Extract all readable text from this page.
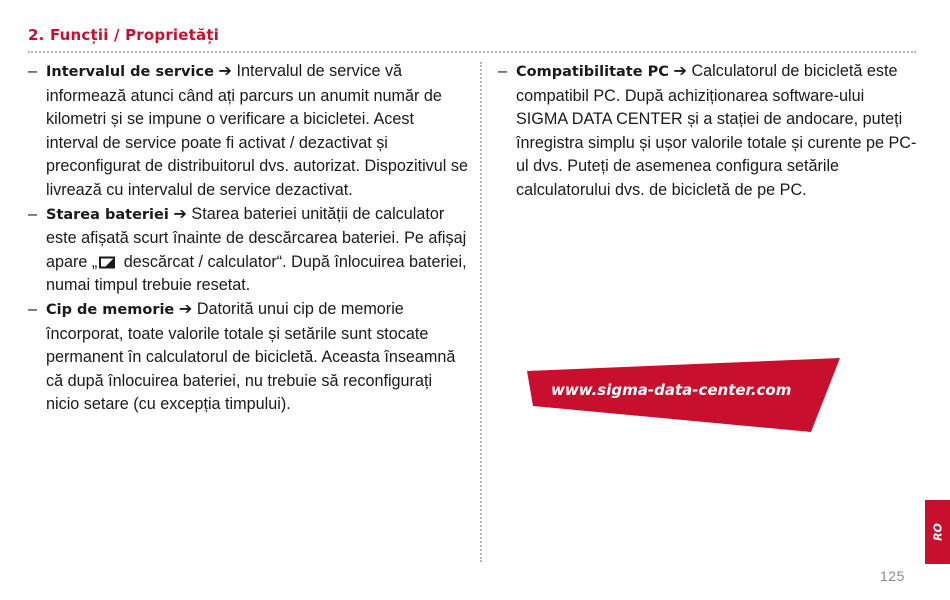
2. Funcții / Proprietăți
– Intervalul de service ➔ Intervalul de service vă informează atunci când ați parcurs un anumit număr de kilometri și se impune o verificare a bicicletei. Acest interval de service poate fi activat / dezactivat și preconfigurat de distribuitorul dvs. autorizat. Dispozitivul se livrează cu intervalul de service dezactivat.
– Starea bateriei ➔ Starea bateriei unității de calculator este afișată scurt înainte de descărcarea bateriei. Pe afișaj apare „ descărcat / calculator“. După înlocuirea bateriei, numai timpul trebuie resetat.
– Cip de memorie ➔ Datorită unui cip de memorie încorporat, toate valorile totale și setările sunt stocate permanent în calculatorul de bicicletă. Aceasta înseamnă că după înlocuirea bateriei, nu trebuie să reconfigurați nicio setare (cu excepția timpului).
– Compatibilitate PC ➔ Calculatorul de bicicletă este compatibil PC. După achiziționarea software-ului SIGMA DATA CENTER și a stației de andocare, puteți înregistra simplu și ușor valorile totale și curente pe PC-ul dvs. Puteți de asemenea configura setările calculatorului dvs. de bicicletă de pe PC.
www.sigma-data-center.com
RO
125
